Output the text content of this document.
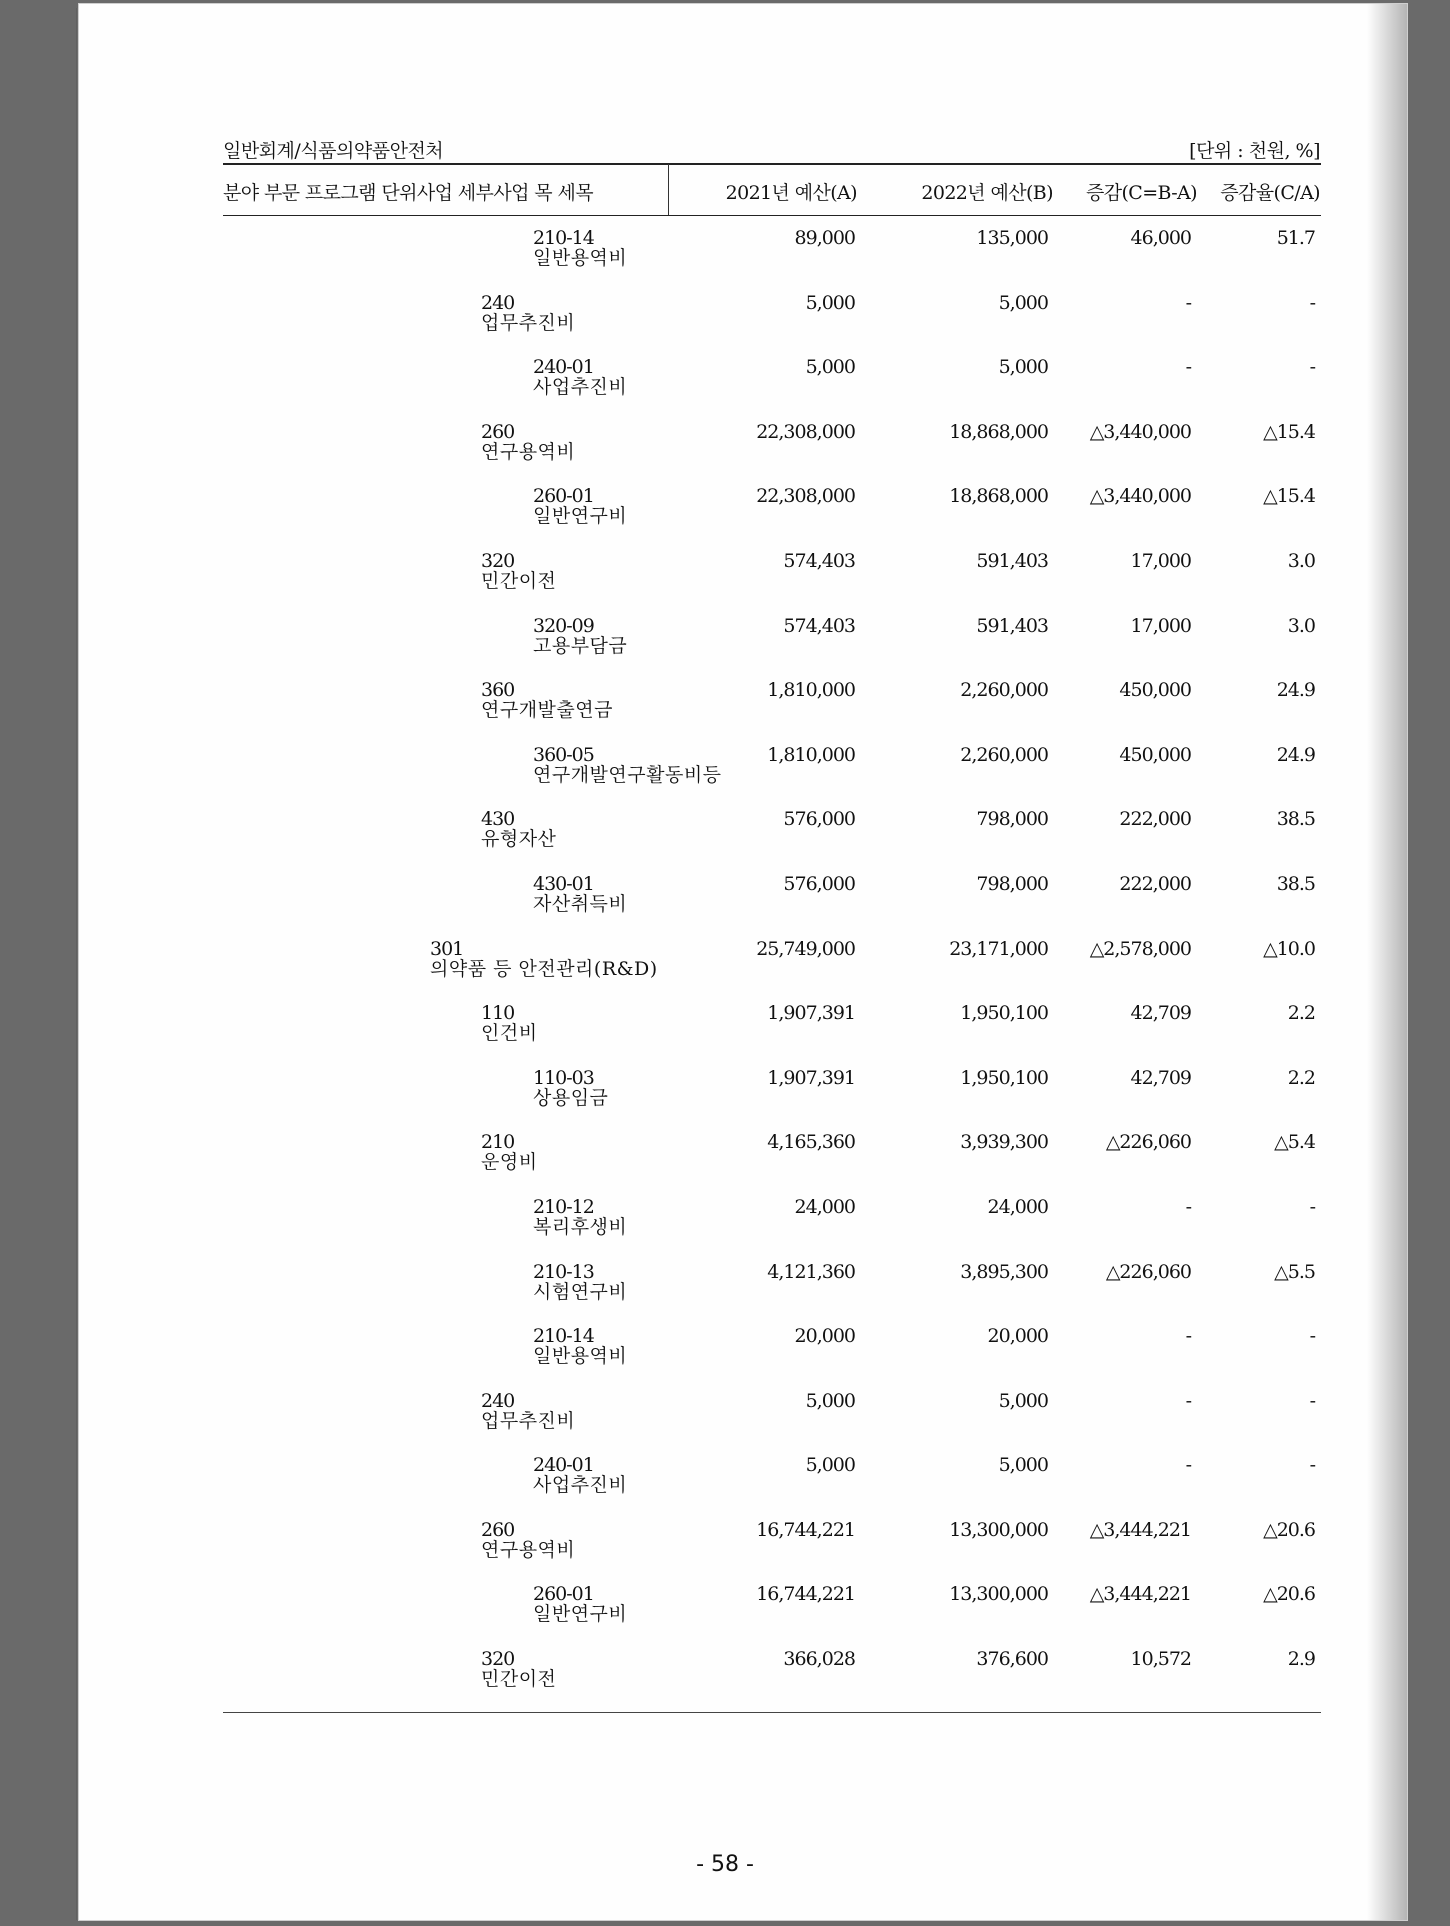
일반회계/식품의약품안전처	[단위 : 천원, %]
분야 부문 프로그램 단위사업 세부사업 목 세목	2021년 예산(A)	2022년 예산(B) 증감(C=B-A) 증감율(C/A)
210-14
일반용역비
89,000	135,000	46,000	51.7
240
업무추진비
5,000	5,000	-	-
240-01
사업추진비
5,000	5,000	-	-
260
연구용역비
22,308,000	18,868,000 △3,440,000	△15.4
260-01
일반연구비
22,308,000	18,868,000 △3,440,000	△15.4
320
민간이전
574,403	591,403	17,000	3.0
320-09
고용부담금
574,403	591,403	17,000	3.0
360
연구개발출연금
1,810,000	2,260,000	450,000	24.9
360-05
연구개발연구활동비등
1,810,000	2,260,000	450,000	24.9
430
유형자산
576,000	798,000	222,000	38.5
430-01
자산취득비
576,000	798,000	222,000	38.5
301
의약품 등 안전관리(R&D)
25,749,000	23,171,000 △2,578,000	△10.0
110
인건비
1,907,391	1,950,100	42,709	2.2
110-03
상용임금
1,907,391	1,950,100	42,709	2.2
210
운영비
4,165,360	3,939,300	△226,060	△5.4
210-12
복리후생비
24,000	24,000	-	-
210-13
시험연구비
4,121,360	3,895,300	△226,060	△5.5
210-14
일반용역비
20,000	20,000	-	-
240
업무추진비
5,000	5,000	-	-
240-01
사업추진비
5,000	5,000	-	-
260
연구용역비
16,744,221	13,300,000 △3,444,221	△20.6
260-01
일반연구비
16,744,221	13,300,000 △3,444,221	△20.6
320
민간이전
366,028	376,600	10,572	2.9
- 58 -
